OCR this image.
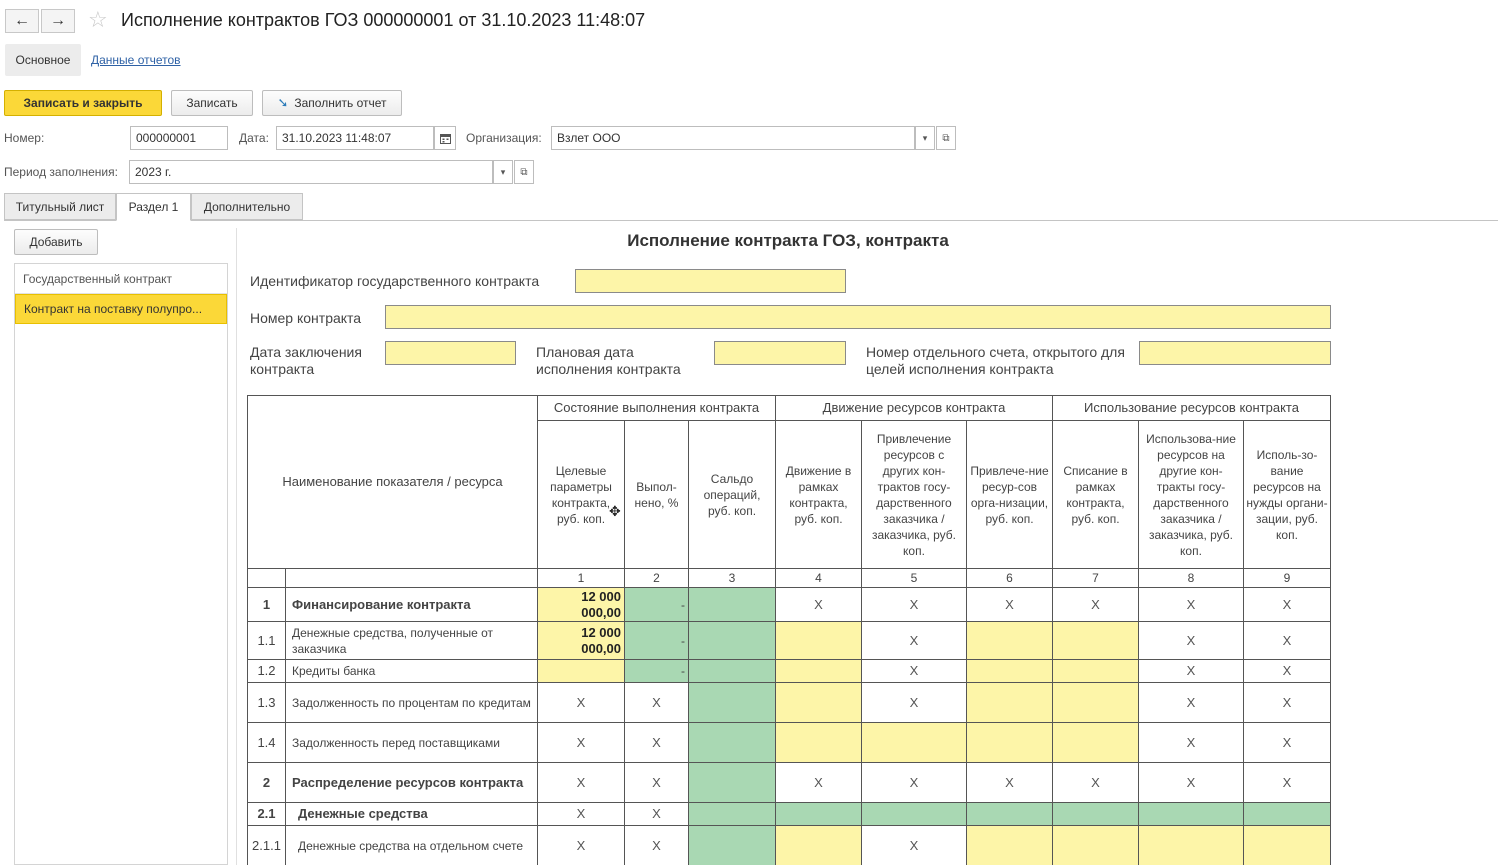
← → ☆ Исполнение контрактов ГОЗ 000000001 от 31.10.2023 11:48:07
Основное	Данные отчетов
Записать и закрыть	Записать	➘ Заполнить отчет
Номер:	000000001	Дата:	31.10.2023 11:48:07	Организация:	Взлет ООО	▾ ⧉
Период заполнения:	2023 г.	▾ ⧉
Титульный лист	Раздел 1	Дополнительно
Добавить
Государственный контракт
Контракт на поставку полупро...
Исполнение контракта ГОЗ, контракта
Идентификатор государственного контракта
Номер контракта
Дата заключения контракта
Плановая дата исполнения контракта
Номер отдельного счета, открытого для целей исполнения контракта
Наименование показателя / ресурса		Состояние выполнения контракта			Движение ресурсов контракта			Использование ресурсов контракта		
		Целевые параметры контракта, руб. коп.	Выпол-нено, %	Сальдо операций, руб. коп.	Движение в рамках контракта, руб. коп.	Привлечение ресурсов с других кон-трактов госу-дарственного заказчика / заказчика, руб. коп.	Привлече-ние ресур-сов орга-низации, руб. коп.	Списание в рамках контракта, руб. коп.	Использова-ние ресурсов на другие кон-тракты госу-дарственного заказчика / заказчика, руб. коп.	Исполь-зо-вание ресурсов на нужды органи-зации, руб. коп.
		1	2	3	4	5	6	7	8	9
1	Финансирование контракта	12 000 000,00	-		X	X	X	X	X	X
1.1	Денежные средства, полученные от заказчика	12 000 000,00	-			X			X	X
1.2	Кредиты банка		-			X			X	X
1.3	Задолженность по процентам по кредитам	X	X			X			X	X
1.4	Задолженность перед поставщиками	X	X						X	X
2	Распределение ресурсов контракта	X	X		X	X	X	X	X	X
2.1	Денежные средства	X	X							
2.1.1	Денежные средства на отдельном счете	X	X			X				
✥
